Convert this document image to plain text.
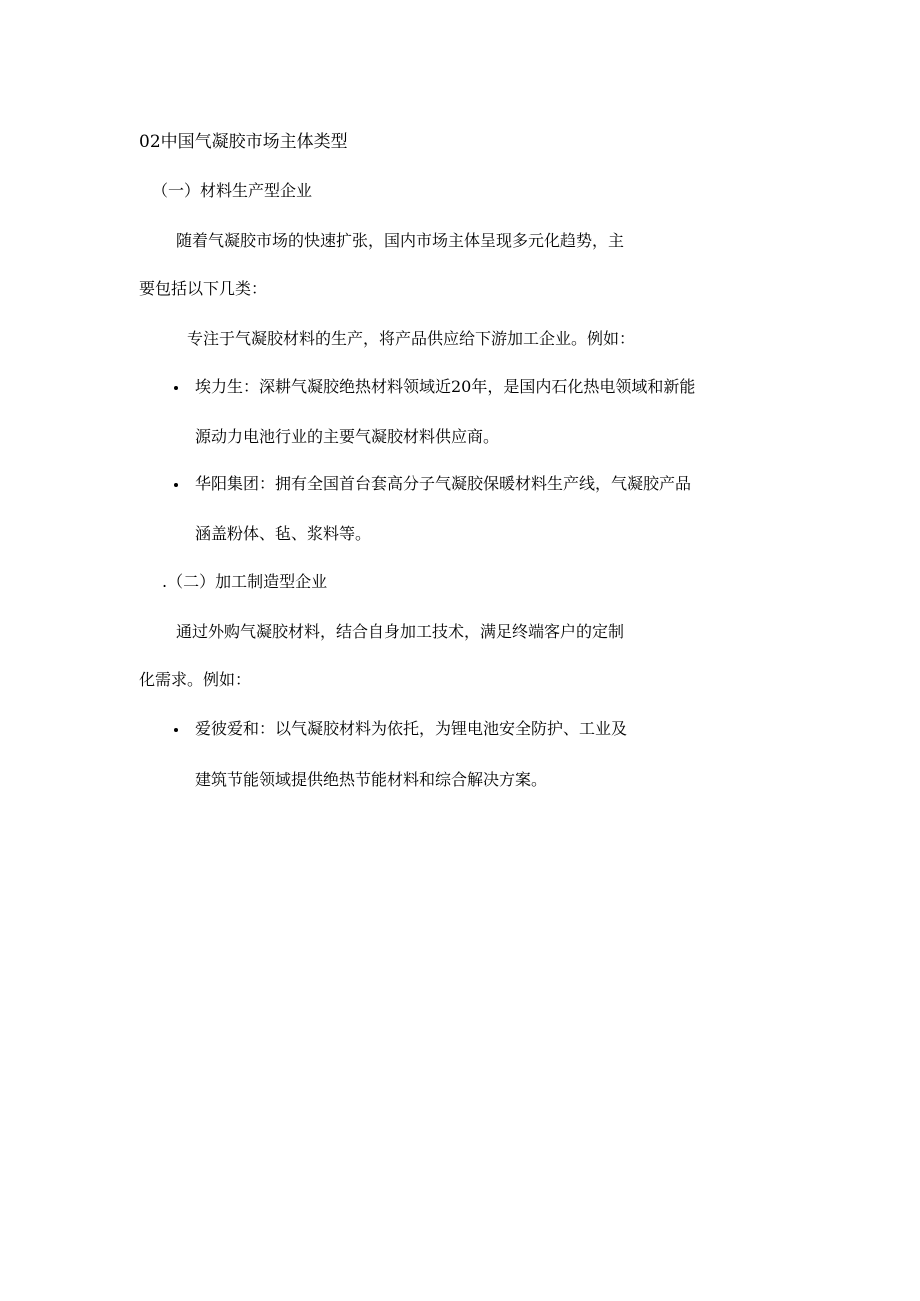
02中国气凝胶市场主体类型
（一）材料生产型企业
随着气凝胶市场的快速扩张，国内市场主体呈现多元化趋势，主
要包括以下几类：
专注于气凝胶材料的生产，将产品供应给下游加工企业。例如：
埃力生：深耕气凝胶绝热材料领域近20年，是国内石化热电领域和新能
源动力电池行业的主要气凝胶材料供应商。
华阳集团：拥有全国首台套高分子气凝胶保暖材料生产线，气凝胶产品
涵盖粉体、毡、浆料等。
.（二）加工制造型企业
通过外购气凝胶材料，结合自身加工技术，满足终端客户的定制
化需求。例如：
爱彼爱和：以气凝胶材料为依托，为锂电池安全防护、工业及
建筑节能领域提供绝热节能材料和综合解决方案。
